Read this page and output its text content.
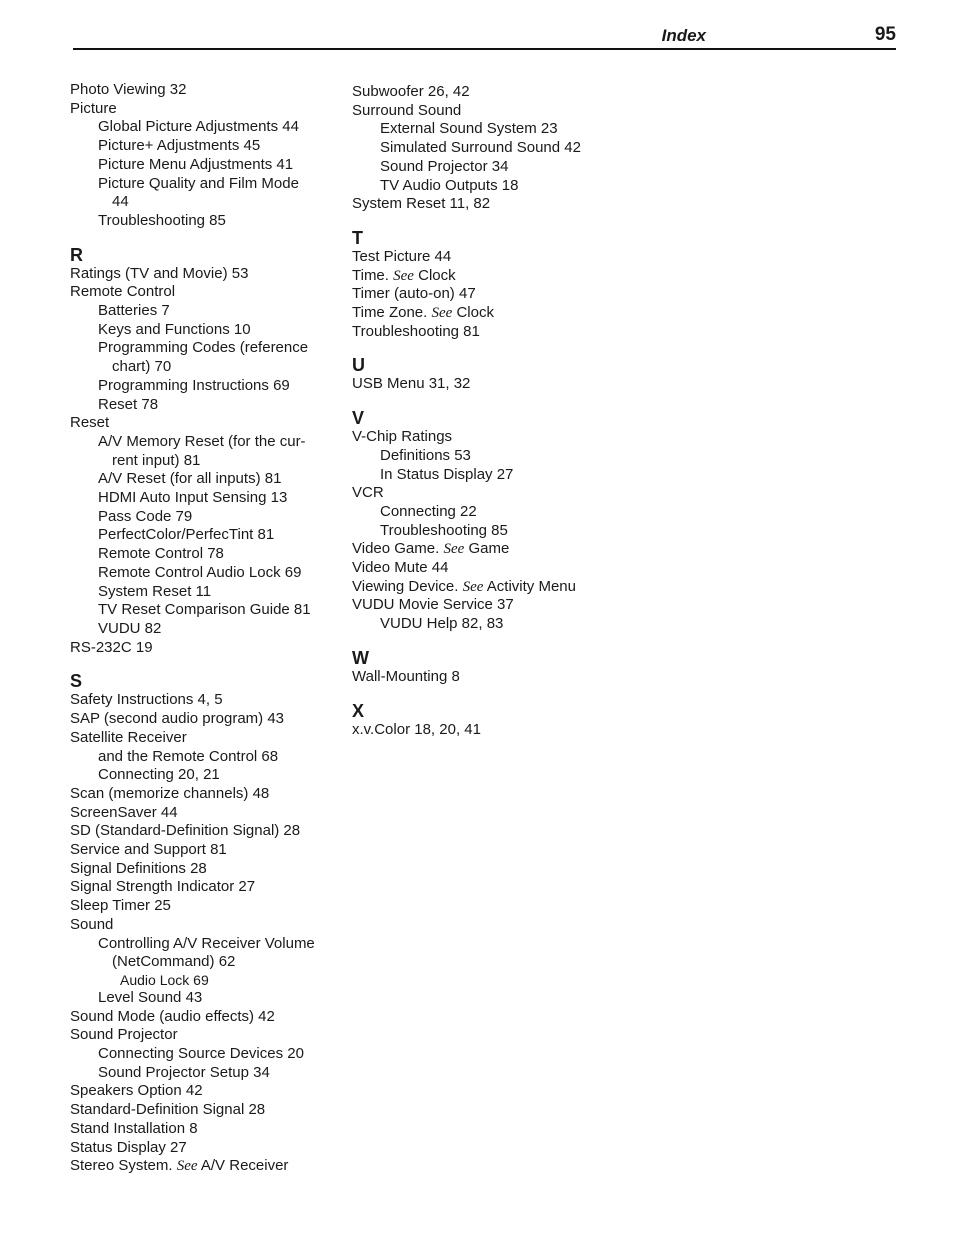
Index	95
Photo Viewing 32
Picture
Global Picture Adjustments 44
Picture+ Adjustments 45
Picture Menu Adjustments 41
Picture Quality and Film Mode
44
Troubleshooting 85
R
Ratings (TV and Movie) 53
Remote Control
Batteries 7
Keys and Functions 10
Programming Codes (reference
chart) 70
Programming Instructions 69
Reset 78
Reset
A/V Memory Reset (for the cur-
rent input) 81
A/V Reset (for all inputs) 81
HDMI Auto Input Sensing 13
Pass Code 79
PerfectColor/PerfecTint 81
Remote Control 78
Remote Control Audio Lock 69
System Reset 11
TV Reset Comparison Guide 81
VUDU 82
RS-232C 19
S
Safety Instructions 4, 5
SAP (second audio program) 43
Satellite Receiver
and the Remote Control 68
Connecting 20, 21
Scan (memorize channels) 48
ScreenSaver 44
SD (Standard-Definition Signal) 28
Service and Support 81
Signal Definitions 28
Signal Strength Indicator 27
Sleep Timer 25
Sound
Controlling A/V Receiver Volume
(NetCommand) 62
Audio Lock 69
Level Sound 43
Sound Mode (audio effects) 42
Sound Projector
Connecting Source Devices 20
Sound Projector Setup 34
Speakers Option 42
Standard-Definition Signal 28
Stand Installation 8
Status Display 27
Stereo System. See A/V Receiver
Subwoofer 26, 42
Surround Sound
External Sound System 23
Simulated Surround Sound 42
Sound Projector 34
TV Audio Outputs 18
System Reset 11, 82
T
Test Picture 44
Time. See Clock
Timer (auto-on) 47
Time Zone. See Clock
Troubleshooting 81
U
USB Menu 31, 32
V
V-Chip Ratings
Definitions 53
In Status Display 27
VCR
Connecting 22
Troubleshooting 85
Video Game. See Game
Video Mute 44
Viewing Device. See Activity Menu
VUDU Movie Service 37
VUDU Help 82, 83
W
Wall-Mounting 8
X
x.v.Color 18, 20, 41
